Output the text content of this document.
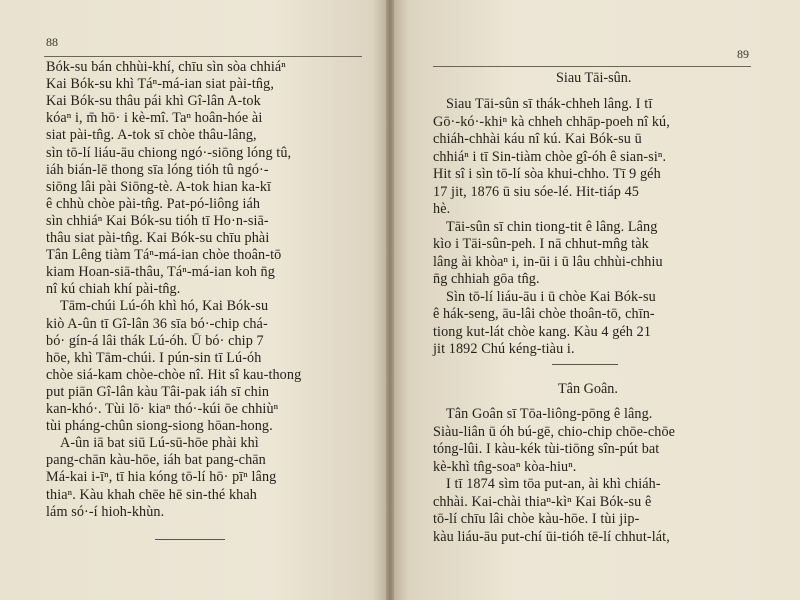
88
89
Bók-su bán chhùi-khí, chīu sìn sòa chhiáⁿ
Kai Bók-su khì Táⁿ-má-ian siat pài-tn̂g,
Kai Bók-su thâu pái khì Gî-lân A-tok
kóaⁿ i, m̄ hō· i kè-mî. Taⁿ hoân-hóe ài
siat pài-tn̂g. A-tok sī chòe thâu-lâng,
sìn tō-lí liáu-āu chiong ngó·-siōng lóng tû,
iáh bián-lē thong sīa lóng tióh tû ngó·-
siōng lâi pài Siōng-tè. A-tok hian ka-kī
ê chhù chòe pài-tn̂g. Pat-pó-liông iáh
sìn chhiáⁿ Kai Bók-su tióh tī Ho·n-siā-
thâu siat pài-tn̂g. Kai Bók-su chīu phài
Tân Lêng tiàm Táⁿ-má-ian chòe thoân-tō
kiam Hoan-siā-thâu, Táⁿ-má-ian koh n̄g
nî kú chiah khí pài-tn̂g.
Tām-chúi Lú-óh khì hó, Kai Bók-su
kiò A-ûn tī Gî-lân 36 sīa bó·-chip chá-
bó· gín-á lâi thák Lú-óh. Ū bó· chip 7
hōe, khì Tām-chúi. I pún-sin tī Lú-óh
chòe siá-kam chòe-chòe nî. Hit sî kau-thong
put piān Gî-lân kàu Tâi-pak iáh sī chin
kan-khó·. Tùi lō· kiaⁿ thó·-kúi ōe chhiùⁿ
tùi pháng-chûn siong-siong hōan-hong.
A-ûn iā bat siū Lú-sū-hōe phài khì
pang-chān kàu-hōe, iáh bat pang-chān
Má-kai i-īⁿ, tī hia kóng tō-lí hō· pīⁿ lâng
thiaⁿ. Kàu khah chēe hē sin-thé khah
lám só·-í hioh-khùn.
Siau Tāi-sûn.
Siau Tāi-sûn sī thák-chheh lâng. I tī
Gō·-kó·-khiⁿ kà chheh chhāp-poeh nî kú,
chiáh-chhài káu nî kú. Kai Bók-su ū
chhiáⁿ i tī Sin-tiàm chòe gî-óh ê sian-siⁿ.
Hit sî i sìn tō-lí sòa khui-chho. Tī 9 géh
17 jit, 1876 ū siu sóe-lé. Hit-tiáp 45
hè.
Tāi-sûn sī chin tiong-tit ê lâng. Lâng
kìo i Tāi-sûn-peh. I nā chhut-mn̂g tàk
lâng ài khòaⁿ i, in-ūi i ū lâu chhùi-chhiu
n̄g chhiah gōa tn̂g.
Sìn tō-lí liáu-āu i ū chòe Kai Bók-su
ê hák-seng, āu-lâi chòe thoân-tō, chīn-
tiong kut-lát chòe kang. Kàu 4 géh 21
jit 1892 Chú kéng-tiàu i.
Tân Goân.
Tân Goân sī Tōa-liông-pōng ê lâng.
Siàu-liân ū óh bú-gē, chio-chip chōe-chōe
tóng-lûi. I kàu-kék tùi-tiōng sîn-pút bat
kè-khì tn̂g-soaⁿ kòa-hiuⁿ.
I tī 1874 sìm tōa put-an, ài khì chiáh-
chhài. Kai-chài thiaⁿ-kìⁿ Kai Bók-su ê
tō-lí chīu lâi chòe kàu-hōe. I tùi jip-
kàu liáu-āu put-chí ūi-tióh tē-lí chhut-lát,
